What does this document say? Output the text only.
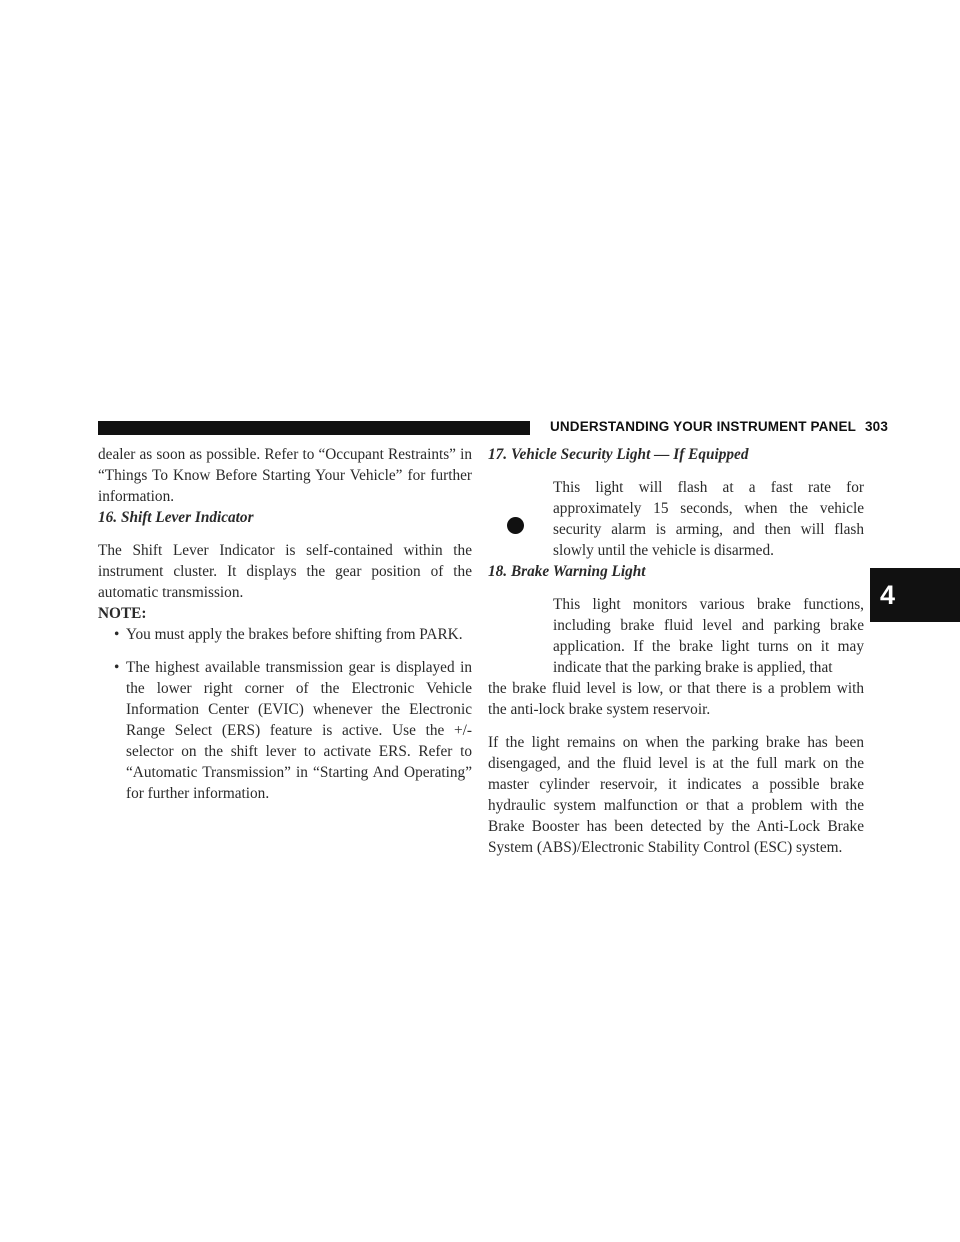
UNDERSTANDING YOUR INSTRUMENT PANEL 303
4

dealer as soon as possible. Refer to “Occupant Restraints” in “Things To Know Before Starting Your Vehicle” for further information.

16. Shift Lever Indicator

The Shift Lever Indicator is self-contained within the instrument cluster. It displays the gear position of the automatic transmission.

NOTE:

• You must apply the brakes before shifting from PARK.
• The highest available transmission gear is displayed in the lower right corner of the Electronic Vehicle Information Center (EVIC) whenever the Electronic Range Select (ERS) feature is active. Use the +/- selector on the shift lever to activate ERS. Refer to “Automatic Transmission” in “Starting And Operating” for further information.

17. Vehicle Security Light — If Equipped

This light will flash at a fast rate for approximately 15 seconds, when the vehicle security alarm is arming, and then will flash slowly until the vehicle is disarmed.

18. Brake Warning Light

This light monitors various brake functions, including brake fluid level and parking brake application. If the brake light turns on it may indicate that the parking brake is applied, that

the brake fluid level is low, or that there is a problem with the anti-lock brake system reservoir.

If the light remains on when the parking brake has been disengaged, and the fluid level is at the full mark on the master cylinder reservoir, it indicates a possible brake hydraulic system malfunction or that a problem with the Brake Booster has been detected by the Anti-Lock Brake System (ABS)/Electronic Stability Control (ESC) system.
